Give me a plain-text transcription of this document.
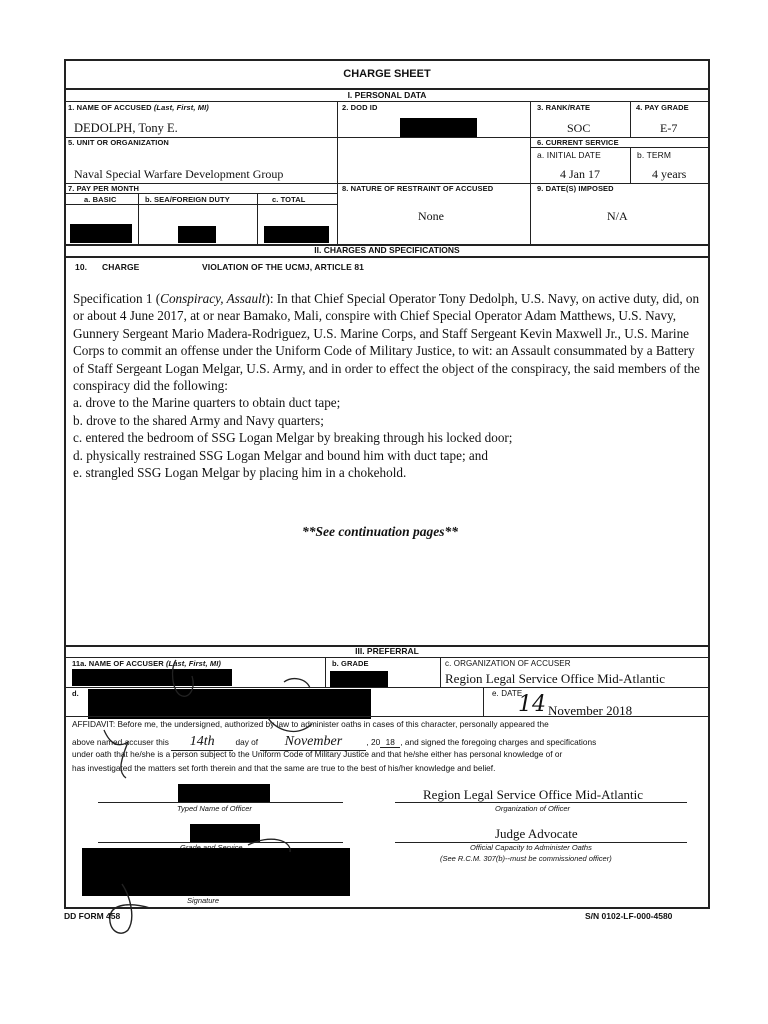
CHARGE SHEET
I. PERSONAL DATA
1. NAME OF ACCUSED (Last, First, MI)
DEDOLPH, Tony E.
2. DOD ID	3. RANK/RATE
SOC
4. PAY GRADE
E-7
5. UNIT OR ORGANIZATION
Naval Special Warfare Development Group
6. CURRENT SERVICE
a. INITIAL DATE
4 Jan 17
b. TERM
4 years
7. PAY PER MONTH
a. BASIC	b. SEA/FOREIGN DUTY	c. TOTAL
8. NATURE OF RESTRAINT OF ACCUSED
None
9. DATE(S) IMPOSED
N/A
II. CHARGES AND SPECIFICATIONS
10. CHARGE	VIOLATION OF THE UCMJ, ARTICLE 81

Specification 1 (Conspiracy, Assault): In that Chief Special Operator Tony Dedolph, U.S. Navy, on active duty, did, on or about 4 June 2017, at or near Bamako, Mali, conspire with Chief Special Operator Adam Matthews, U.S. Navy, Gunnery Sergeant Mario Madera-Rodriguez, U.S. Marine Corps, and Staff Sergeant Kevin Maxwell Jr., U.S. Marine Corps to commit an offense under the Uniform Code of Military Justice, to wit: an Assault consummated by a Battery of Staff Sergeant Logan Melgar, U.S. Army, and in order to effect the object of the conspiracy, the said members of the conspiracy did the following:

a. drove to the Marine quarters to obtain duct tape;

b. drove to the shared Army and Navy quarters;

c. entered the bedroom of SSG Logan Melgar by breaking through his locked door;

d. physically restrained SSG Logan Melgar and bound him with duct tape; and

e. strangled SSG Logan Melgar by placing him in a chokehold.

**See continuation pages**
III. PREFERRAL
11a. NAME OF ACCUSER (Last, First, MI)	b. GRADE	c. ORGANIZATION OF ACCUSER
Region Legal Service Office Mid-Atlantic
d.	e. DATE
14 November 2018
AFFIDAVIT: Before me, the undersigned, authorized by law to administer oaths in cases of this character, personally appeared the
above named accuser this 14th	day of November	, 20 18 , and signed the foregoing charges and specifications
under oath that he/she is a person subject to the Uniform Code of Military Justice and that he/she either has personal knowledge of or
has investigated the matters set forth therein and that the same are true to the best of his/her knowledge and belief.
Typed Name of Officer
Region Legal Service Office Mid-Atlantic
Organization of Officer
Judge Advocate
Official Capacity to Administer Oaths
(See R.C.M. 307(b)--must be commissioned officer)
Signature
DD FORM 458	S/N 0102-LF-000-4580
